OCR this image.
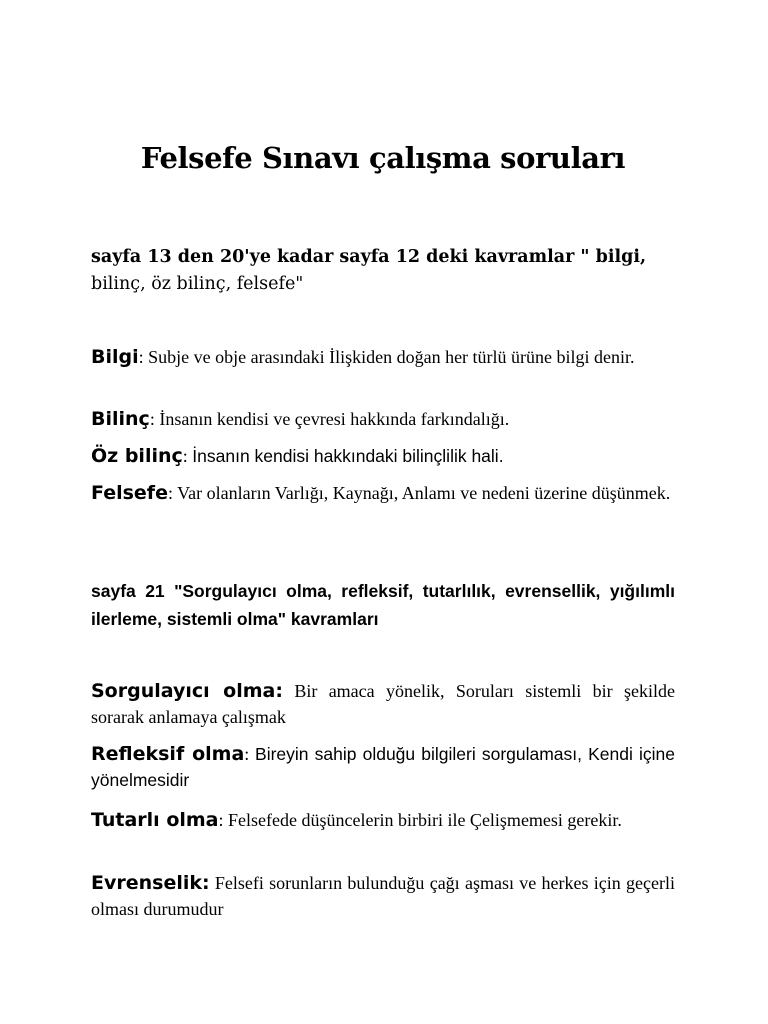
Felsefe Sınavı çalışma soruları

sayfa 13 den 20'ye kadar sayfa 12 deki kavramlar " bilgi,
bilinç, öz bilinç, felsefe"

Bilgi: Subje ve obje arasındaki İlişkiden doğan her türlü ürüne bilgi denir.

Bilinç: İnsanın kendisi ve çevresi hakkında farkındalığı.

Öz bilinç: İnsanın kendisi hakkındaki bilinçlilik hali.

Felsefe: Var olanların Varlığı, Kaynağı, Anlamı ve nedeni üzerine düşünmek.

sayfa 21 "Sorgulayıcı olma, refleksif, tutarlılık, evrensellik, yığılımlı ilerleme, sistemli olma" kavramları

Sorgulayıcı olma: Bir amaca yönelik, Soruları sistemli bir şekilde sorarak anlamaya çalışmak

Refleksif olma: Bireyin sahip olduğu bilgileri sorgulaması, Kendi içine yönelmesidir

Tutarlı olma: Felsefede düşüncelerin birbiri ile Çelişmemesi gerekir.

Evrenselik: Felsefi sorunların bulunduğu çağı aşması ve herkes için geçerli olması durumudur
